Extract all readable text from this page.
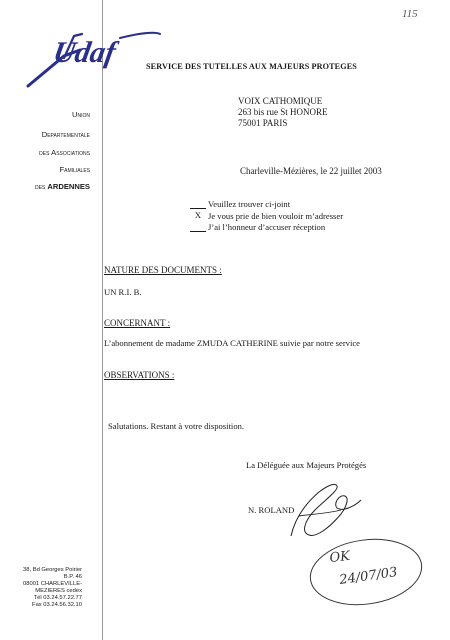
115
Udaf	SERVICE DES TUTELLES AUX MAJEURS PROTEGES
Union
Departementale
des Associations
Familiales
des ARDENNES
VOIX CATHOMIQUE
263 bis rue St HONORE
75001 PARIS
Charleville-Mézières, le 22 juillet 2003
Veuillez trouver ci-joint
X Je vous prie de bien vouloir m’adresser
J’ai l’honneur d’accuser réception
NATURE DES DOCUMENTS :
UN R.I. B.
CONCERNANT :
L’abonnement de madame ZMUDA CATHERINE suivie par notre service
OBSERVATIONS :
Salutations. Restant à votre disposition.
La Déléguée aux Majeurs Protégés
N. ROLAND
OK
24/07/03
38, Bd Georges Poirier
B.P. 46
08001 CHARLEVILLE-
MEZIERES cedex
Tél 03.24.57.22.77
Fax 03.24.56.32.10
